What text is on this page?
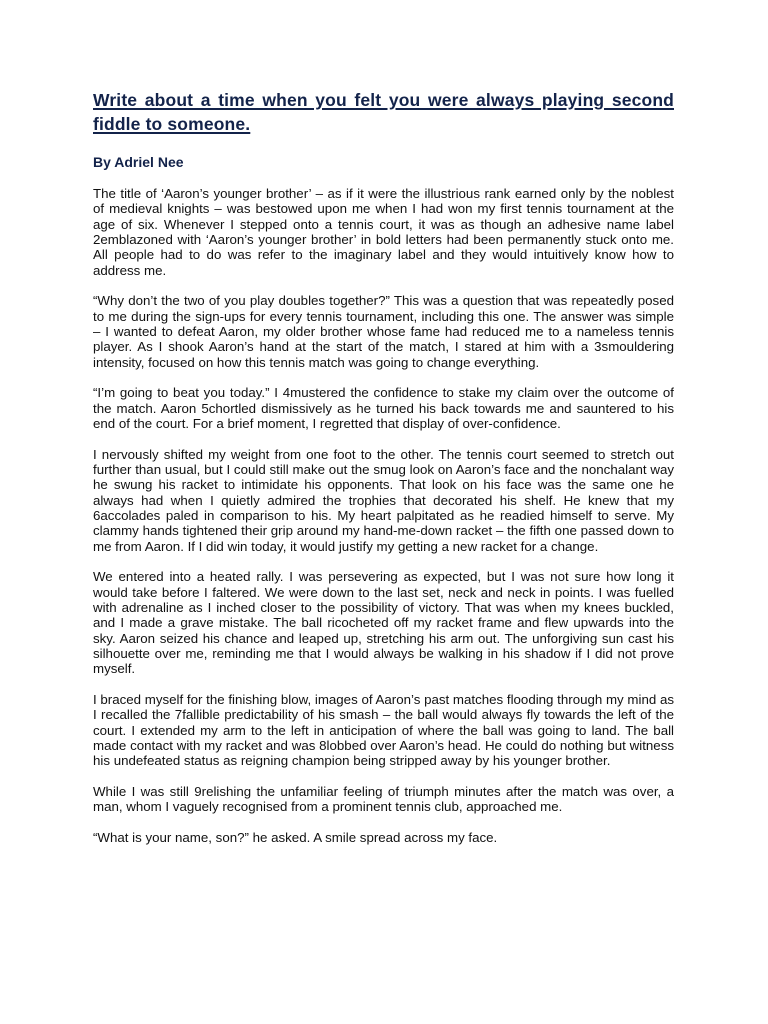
Write about a time when you felt you were always playing second fiddle to someone.
By Adriel Nee

The title of ‘Aaron’s younger brother’ – as if it were the illustrious rank earned only by the noblest of medieval knights – was bestowed upon me when I had won my first tennis tournament at the age of six. Whenever I stepped onto a tennis court, it was as though an adhesive name label 2emblazoned with ‘Aaron’s younger brother’ in bold letters had been permanently stuck onto me. All people had to do was refer to the imaginary label and they would intuitively know how to address me.

“Why don’t the two of you play doubles together?” This was a question that was repeatedly posed to me during the sign-ups for every tennis tournament, including this one. The answer was simple – I wanted to defeat Aaron, my older brother whose fame had reduced me to a nameless tennis player. As I shook Aaron’s hand at the start of the match, I stared at him with a 3smouldering intensity, focused on how this tennis match was going to change everything.

“I’m going to beat you today.” I 4mustered the confidence to stake my claim over the outcome of the match. Aaron 5chortled dismissively as he turned his back towards me and sauntered to his end of the court. For a brief moment, I regretted that display of over-confidence.

I nervously shifted my weight from one foot to the other. The tennis court seemed to stretch out further than usual, but I could still make out the smug look on Aaron’s face and the nonchalant way he swung his racket to intimidate his opponents. That look on his face was the same one he always had when I quietly admired the trophies that decorated his shelf. He knew that my 6accolades paled in comparison to his. My heart palpitated as he readied himself to serve. My clammy hands tightened their grip around my hand-me-down racket – the fifth one passed down to me from Aaron. If I did win today, it would justify my getting a new racket for a change.

We entered into a heated rally. I was persevering as expected, but I was not sure how long it would take before I faltered. We were down to the last set, neck and neck in points. I was fuelled with adrenaline as I inched closer to the possibility of victory. That was when my knees buckled, and I made a grave mistake. The ball ricocheted off my racket frame and flew upwards into the sky. Aaron seized his chance and leaped up, stretching his arm out. The unforgiving sun cast his silhouette over me, reminding me that I would always be walking in his shadow if I did not prove myself.

I braced myself for the finishing blow, images of Aaron’s past matches flooding through my mind as I recalled the 7fallible predictability of his smash – the ball would always fly towards the left of the court. I extended my arm to the left in anticipation of where the ball was going to land. The ball made contact with my racket and was 8lobbed over Aaron’s head. He could do nothing but witness his undefeated status as reigning champion being stripped away by his younger brother.

While I was still 9relishing the unfamiliar feeling of triumph minutes after the match was over, a man, whom I vaguely recognised from a prominent tennis club, approached me.

“What is your name, son?” he asked. A smile spread across my face.
